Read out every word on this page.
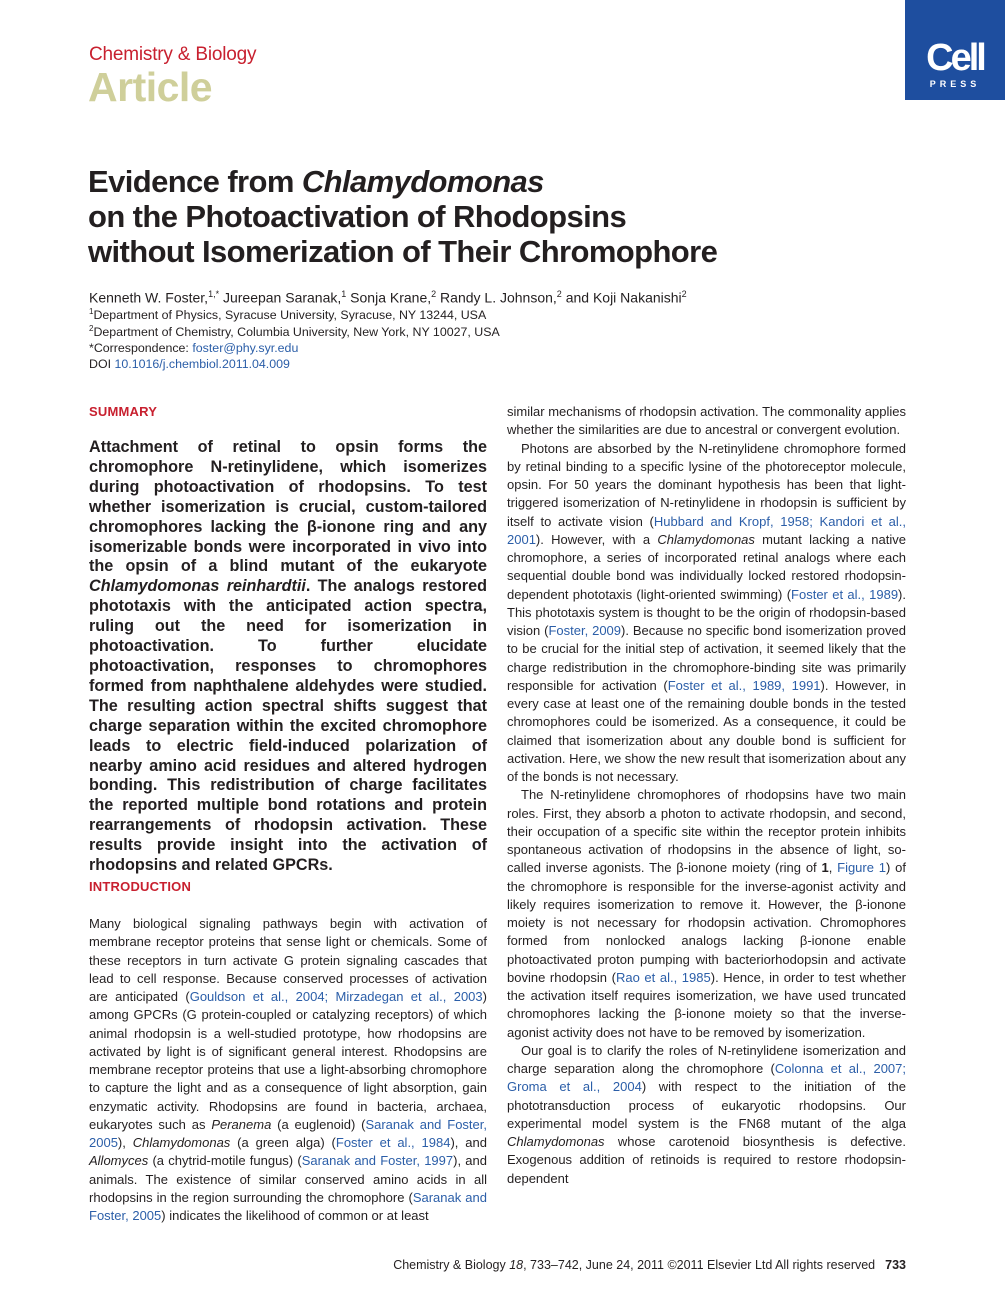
Chemistry & Biology
Article
Cell
PRESS
Evidence from Chlamydomonas
on the Photoactivation of Rhodopsins
without Isomerization of Their Chromophore
Kenneth W. Foster,$^{1,*}$ Jureepan Saranak,$^1$ Sonja Krane,$^2$ Randy L. Johnson,$^2$ and Koji Nakanishi$^2$
$^1$Department of Physics, Syracuse University, Syracuse, NY 13244, USA
$^2$Department of Chemistry, Columbia University, New York, NY 10027, USA
*Correspondence: foster@phy.syr.edu
DOI 10.1016/j.chembiol.2011.04.009
SUMMARY

Attachment of retinal to opsin forms the chromophore N-retinylidene, which isomerizes during photoactivation of rhodopsins. To test whether isomerization is crucial, custom-tailored chromophores lacking the β-ionone ring and any isomerizable bonds were incorporated in vivo into the opsin of a blind mutant of the eukaryote Chlamydomonas reinhardtii. The analogs restored phototaxis with the anticipated action spectra, ruling out the need for isomerization in photoactivation. To further elucidate photoactivation, responses to chromophores formed from naphthalene aldehydes were studied. The resulting action spectral shifts suggest that charge separation within the excited chromophore leads to electric field-induced polarization of nearby amino acid residues and altered hydrogen bonding. This redistribution of charge facilitates the reported multiple bond rotations and protein rearrangements of rhodopsin activation. These results provide insight into the activation of rhodopsins and related GPCRs.

INTRODUCTION

Many biological signaling pathways begin with activation of membrane receptor proteins that sense light or chemicals. Some of these receptors in turn activate G protein signaling cascades that lead to cell response. Because conserved processes of activation are anticipated (Gouldson et al., 2004; Mirzadegan et al., 2003) among GPCRs (G protein-coupled or catalyzing receptors) of which animal rhodopsin is a well-studied prototype, how rhodopsins are activated by light is of significant general interest. Rhodopsins are membrane receptor proteins that use a light-absorbing chromophore to capture the light and as a consequence of light absorption, gain enzymatic activity. Rhodopsins are found in bacteria, archaea, eukaryotes such as Peranema (a euglenoid) (Saranak and Foster, 2005), Chlamydomonas (a green alga) (Foster et al., 1984), and Allomyces (a chytrid-motile fungus) (Saranak and Foster, 1997), and animals. The existence of similar conserved amino acids in all rhodopsins in the region surrounding the chromophore (Saranak and Foster, 2005) indicates the likelihood of common or at least

similar mechanisms of rhodopsin activation. The commonality applies whether the similarities are due to ancestral or convergent evolution.

Photons are absorbed by the N-retinylidene chromophore formed by retinal binding to a specific lysine of the photoreceptor molecule, opsin. For 50 years the dominant hypothesis has been that light-triggered isomerization of N-retinylidene in rhodopsin is sufficient by itself to activate vision (Hubbard and Kropf, 1958; Kandori et al., 2001). However, with a Chlamydomonas mutant lacking a native chromophore, a series of incorporated retinal analogs where each sequential double bond was individually locked restored rhodopsin-dependent phototaxis (light-oriented swimming) (Foster et al., 1989). This phototaxis system is thought to be the origin of rhodopsin-based vision (Foster, 2009). Because no specific bond isomerization proved to be crucial for the initial step of activation, it seemed likely that the charge redistribution in the chromophore-binding site was primarily responsible for activation (Foster et al., 1989, 1991). However, in every case at least one of the remaining double bonds in the tested chromophores could be isomerized. As a consequence, it could be claimed that isomerization about any double bond is sufficient for activation. Here, we show the new result that isomerization about any of the bonds is not necessary.

The N-retinylidene chromophores of rhodopsins have two main roles. First, they absorb a photon to activate rhodopsin, and second, their occupation of a specific site within the receptor protein inhibits spontaneous activation of rhodopsins in the absence of light, so-called inverse agonists. The β-ionone moiety (ring of 1, Figure 1) of the chromophore is responsible for the inverse-agonist activity and likely requires isomerization to remove it. However, the β-ionone moiety is not necessary for rhodopsin activation. Chromophores formed from nonlocked analogs lacking β-ionone enable photoactivated proton pumping with bacteriorhodopsin and activate bovine rhodopsin (Rao et al., 1985). Hence, in order to test whether the activation itself requires isomerization, we have used truncated chromophores lacking the β-ionone moiety so that the inverse-agonist activity does not have to be removed by isomerization.

Our goal is to clarify the roles of N-retinylidene isomerization and charge separation along the chromophore (Colonna et al., 2007; Groma et al., 2004) with respect to the initiation of the phototransduction process of eukaryotic rhodopsins. Our experimental model system is the FN68 mutant of the alga Chlamydomonas whose carotenoid biosynthesis is defective. Exogenous addition of retinoids is required to restore rhodopsin-dependent

Chemistry & Biology 18, 733–742, June 24, 2011 ©2011 Elsevier Ltd All rights reserved 733
